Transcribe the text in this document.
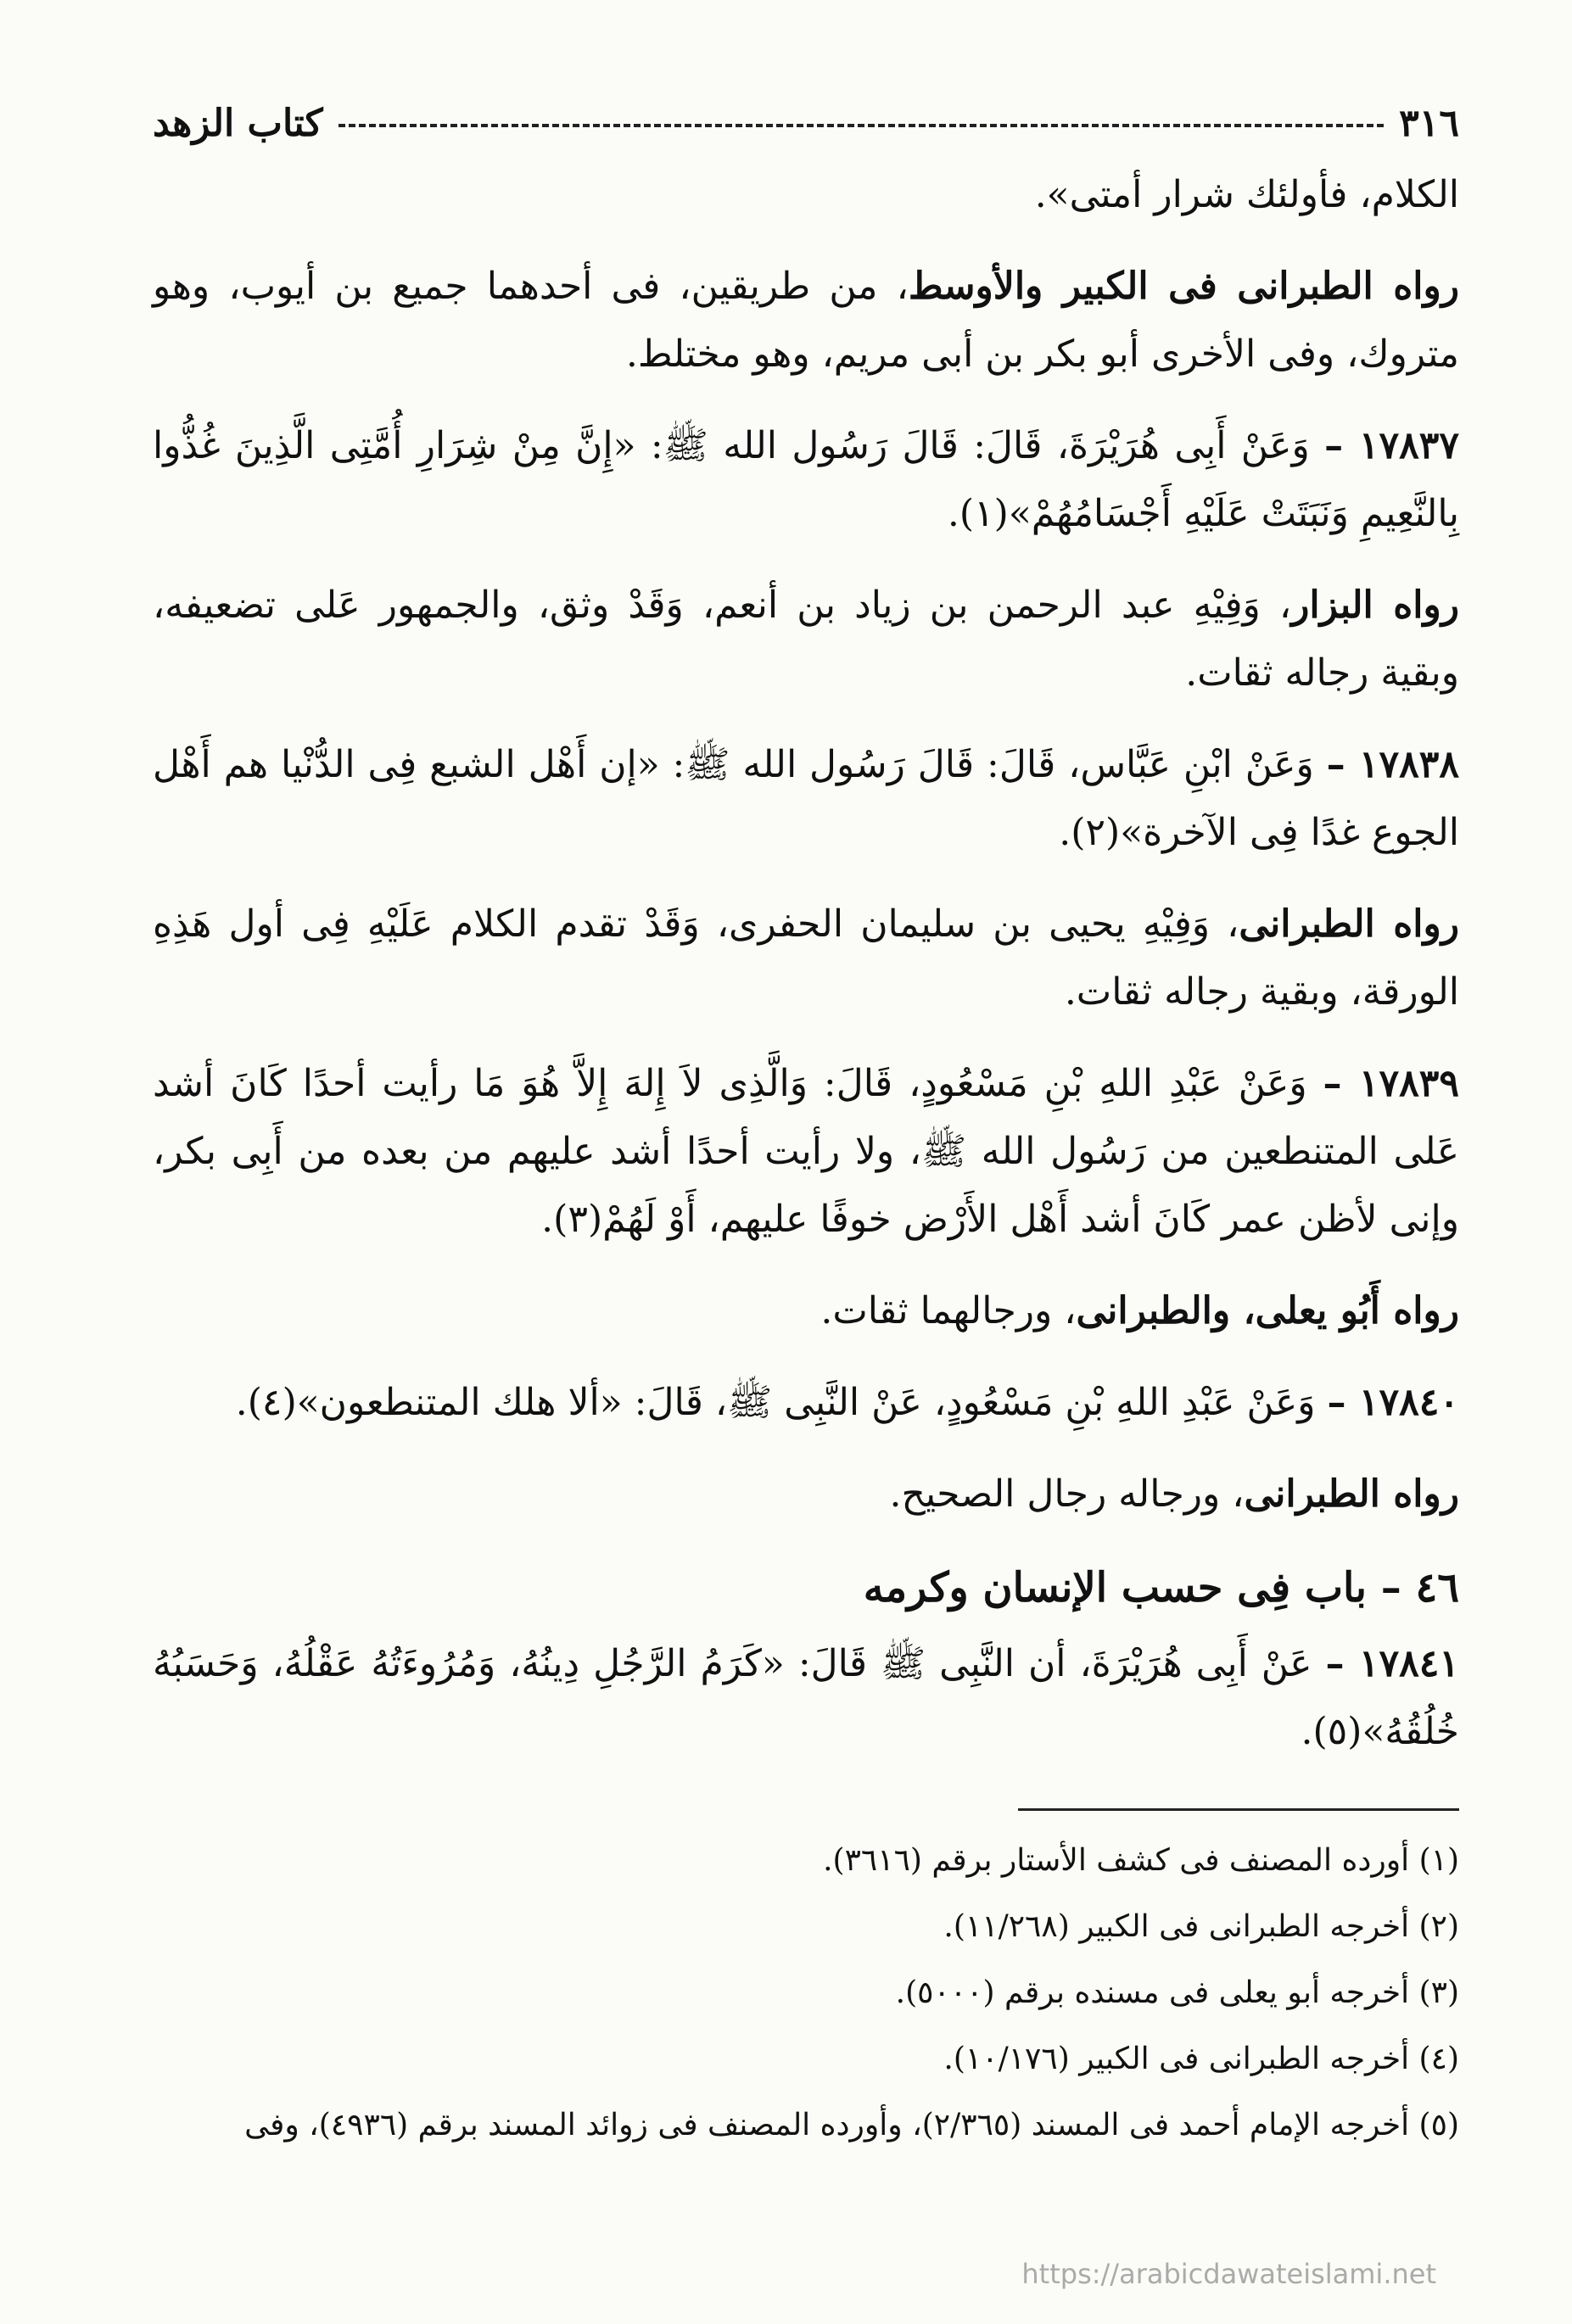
٣١٦
كتاب الزهد

الكلام، فأولئك شرار أمتى».

رواه الطبرانى فى الكبير والأوسط، من طريقين، فى أحدهما جميع بن أيوب، وهو متروك، وفى الأخرى أبو بكر بن أبى مريم، وهو مختلط.

١٧٨٣٧ – وَعَنْ أَبِى هُرَيْرَةَ، قَالَ: قَالَ رَسُول الله ﷺ: «إِنَّ مِنْ شِرَارِ أُمَّتِى الَّذِينَ غُذُّوا بِالنَّعِيمِ وَنَبَتَتْ عَلَيْهِ أَجْسَامُهُمْ»(١).

رواه البزار، وَفِيْهِ عبد الرحمن بن زياد بن أنعم، وَقَدْ وثق، والجمهور عَلى تضعيفه، وبقية رجاله ثقات.

١٧٨٣٨ – وَعَنْ ابْنِ عَبَّاس، قَالَ: قَالَ رَسُول الله ﷺ: «إن أَهْل الشبع فِى الدُّنْيا هم أَهْل الجوع غدًا فِى الآخرة»(٢).

رواه الطبرانى، وَفِيْهِ يحيى بن سليمان الحفرى، وَقَدْ تقدم الكلام عَلَيْهِ فِى أول هَذِهِ الورقة، وبقية رجاله ثقات.

١٧٨٣٩ – وَعَنْ عَبْدِ اللهِ بْنِ مَسْعُودٍ، قَالَ: وَالَّذِى لاَ إِلهَ إِلاَّ هُوَ مَا رأيت أحدًا كَانَ أشد عَلى المتنطعين من رَسُول الله ﷺ، ولا رأيت أحدًا أشد عليهم من بعده من أَبِى بكر، وإنى لأظن عمر كَانَ أشد أَهْل الأَرْض خوفًا عليهم، أَوْ لَهُمْ(٣).

رواه أَبُو يعلى، والطبرانى، ورجالهما ثقات.

١٧٨٤٠ – وَعَنْ عَبْدِ اللهِ بْنِ مَسْعُودٍ، عَنْ النَّبِى ﷺ، قَالَ: «ألا هلك المتنطعون»(٤).

رواه الطبرانى، ورجاله رجال الصحيح.

٤٦ – باب فِى حسب الإنسان وكرمه

١٧٨٤١ – عَنْ أَبِى هُرَيْرَةَ، أن النَّبِى ﷺ قَالَ: «كَرَمُ الرَّجُلِ دِينُهُ، وَمُرُوءَتُهُ عَقْلُهُ، وَحَسَبُهُ خُلُقُهُ»(٥).

(١) أورده المصنف فى كشف الأستار برقم (٣٦١٦).

(٢) أخرجه الطبرانى فى الكبير (١١/٢٦٨).

(٣) أخرجه أبو يعلى فى مسنده برقم (٥٠٠٠).

(٤) أخرجه الطبرانى فى الكبير (١٠/١٧٦).

(٥) أخرجه الإمام أحمد فى المسند (٢/٣٦٥)، وأورده المصنف فى زوائد المسند برقم (٤٩٣٦)، وفى

https://arabicdawateislami.net
